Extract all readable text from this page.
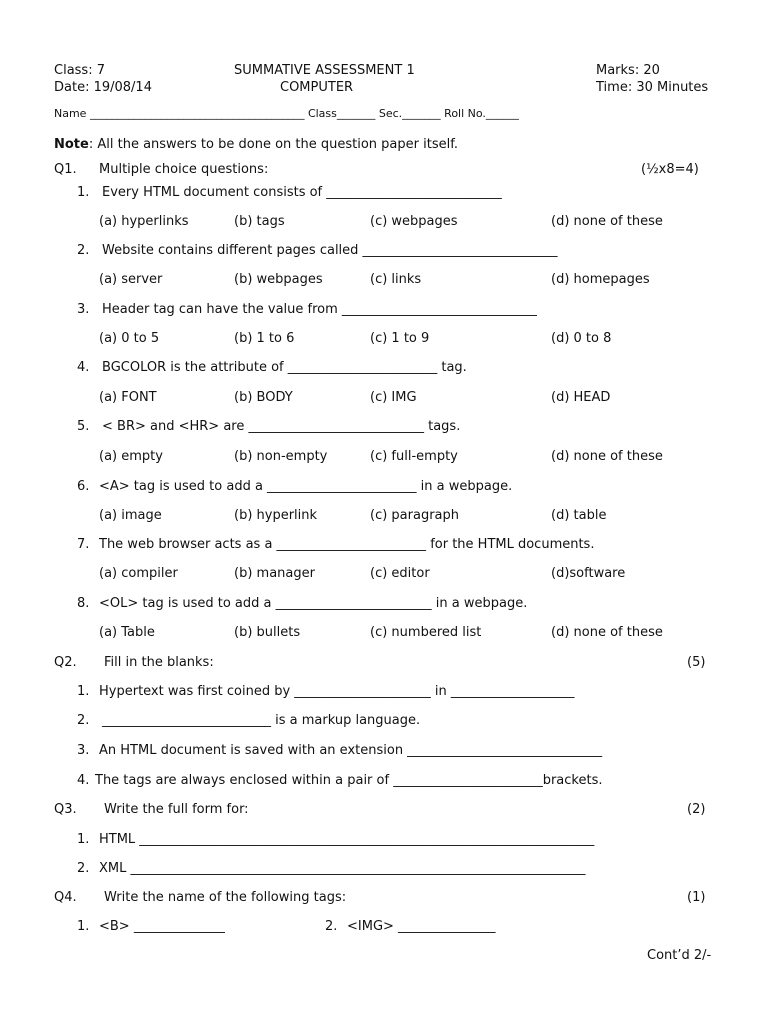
Class: 7	SUMMATIVE ASSESSMENT 1	Marks: 20
Date: 19/08/14	COMPUTER	Time: 30 Minutes
Name _______________________________________ Class_______ Sec._______ Roll No.______
Note: All the answers to be done on the question paper itself.
Q1. Multiple choice questions:	(½x8=4)
1. Every HTML document consists of ___________________________
(a) hyperlinks	(b) tags	(c) webpages	(d) none of these
2. Website contains different pages called ______________________________
(a) server	(b) webpages	(c) links	(d) homepages
3. Header tag can have the value from ______________________________
(a) 0 to 5	(b) 1 to 6	(c) 1 to 9	(d) 0 to 8
4. BGCOLOR is the attribute of _______________________ tag.
(a) FONT	(b) BODY	(c) IMG	(d) HEAD
5. < BR> and <HR> are ___________________________ tags.
(a) empty	(b) non-empty	(c) full-empty	(d) none of these
6. <A> tag is used to add a _______________________ in a webpage.
(a) image	(b) hyperlink	(c) paragraph	(d) table
7. The web browser acts as a _______________________ for the HTML documents.
(a) compiler	(b) manager	(c) editor	(d)software
8. <OL> tag is used to add a ________________________ in a webpage.
(a) Table	(b) bullets	(c) numbered list	(d) none of these
Q2. Fill in the blanks:	(5)
1. Hypertext was first coined by _____________________ in ___________________
2. __________________________ is a markup language.
3. An HTML document is saved with an extension ______________________________
4. The tags are always enclosed within a pair of _______________________brackets.
Q3. Write the full form for:	(2)
1. HTML ______________________________________________________________________
2. XML ______________________________________________________________________
Q4. Write the name of the following tags:	(1)
1. <B> ______________	2. <IMG> _______________
Cont’d 2/-
